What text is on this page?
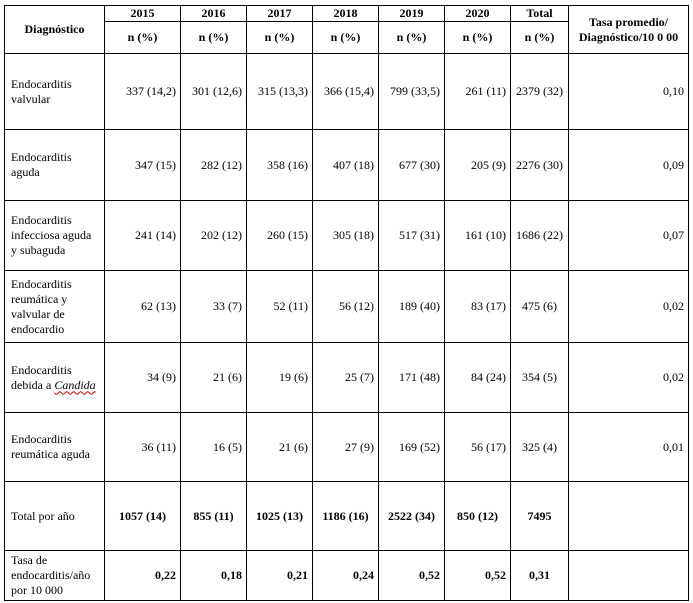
Diagnóstico	2015	2016	2017	2018	2019	2020	Total	Tasa promedio/ Diagnóstico/10 0 00
	n (%)	n (%)	n (%)	n (%)	n (%)	n (%)	n (%)	
Endocarditis valvular	337 (14,2)	301 (12,6)	315 (13,3)	366 (15,4)	799 (33,5)	261 (11)	2379 (32)	0,10
Endocarditis aguda	347 (15)	282 (12)	358 (16)	407 (18)	677 (30)	205 (9)	2276 (30)	0,09
Endocarditis infecciosa aguda y subaguda	241 (14)	202 (12)	260 (15)	305 (18)	517 (31)	161 (10)	1686 (22)	0,07
Endocarditis reumática y valvular de endocardio	62 (13)	33 (7)	52 (11)	56 (12)	189 (40)	83 (17)	475 (6)	0,02
Endocarditis debida a Candida	34 (9)	21 (6)	19 (6)	25 (7)	171 (48)	84 (24)	354 (5)	0,02
Endocarditis reumática aguda	36 (11)	16 (5)	21 (6)	27 (9)	169 (52)	56 (17)	325 (4)	0,01
Total por año	1057 (14)	855 (11)	1025 (13)	1186 (16)	2522 (34)	850 (12)	7495	
Tasa de endocarditis/año por 10 000	0,22	0,18	0,21	0,24	0,52	0,52	0,31	
